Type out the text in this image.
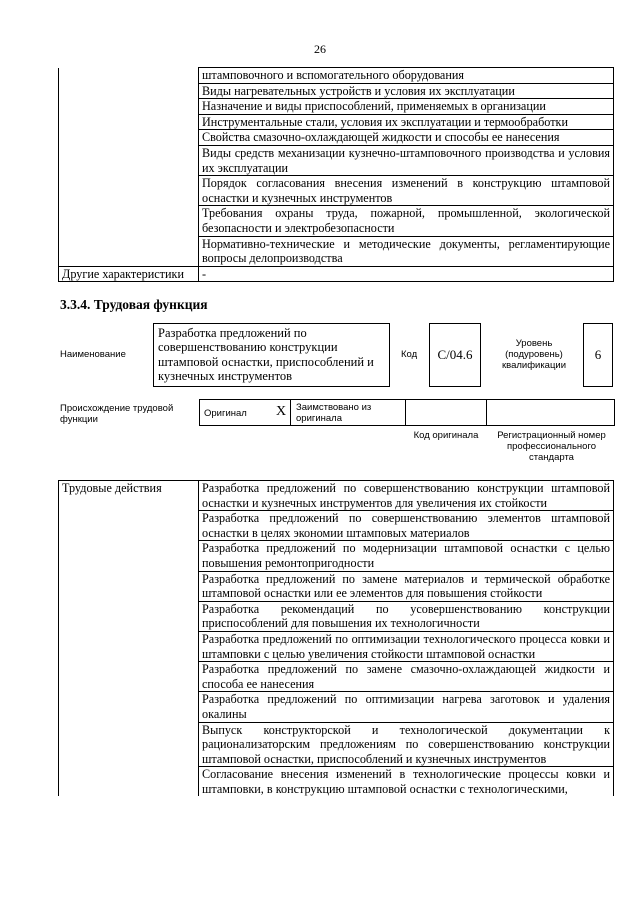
26
	штамповочного и вспомогательного оборудования
	Виды нагревательных устройств и условия их эксплуатации
	Назначение и виды приспособлений, применяемых в организации
	Инструментальные стали, условия их эксплуатации и термообработки
	Свойства смазочно-охлаждающей жидкости и способы ее нанесения
	Виды средств механизации кузнечно-штамповочного производства и условия их эксплуатации
	Порядок согласования внесения изменений в конструкцию штамповой оснастки и кузнечных инструментов
	Требования охраны труда, пожарной, промышленной, экологической безопасности и электробезопасности
	Нормативно-технические и методические документы, регламентирующие вопросы делопроизводства
Другие характеристики	-
3.3.4. Трудовая функция
Наименование
Разработка предложений по совершенствованию конструкции штамповой оснастки, приспособлений и кузнечных инструментов
Код С/04.6
Уровень (подуровень) квалификации
6
Происхождение трудовой функции
Оригинал X Заимствовано из оригинала
Код оригинала	Регистрационный номер профессионального стандарта
Трудовые действия	Разработка предложений по совершенствованию конструкции штамповой оснастки и кузнечных инструментов для увеличения их стойкости
Разработка предложений по совершенствованию элементов штамповой оснастки в целях экономии штамповых материалов
Разработка предложений по модернизации штамповой оснастки с целью повышения ремонтопригодности
Разработка предложений по замене материалов и термической обработке штамповой оснастки или ее элементов для повышения стойкости
Разработка рекомендаций по усовершенствованию конструкции приспособлений для повышения их технологичности
Разработка предложений по оптимизации технологического процесса ковки и штамповки с целью увеличения стойкости штамповой оснастки
Разработка предложений по замене смазочно-охлаждающей жидкости и способа ее нанесения
Разработка предложений по оптимизации нагрева заготовок и удаления окалины
Выпуск конструкторской и технологической документации к рационализаторским предложениям по совершенствованию конструкции штамповой оснастки, приспособлений и кузнечных инструментов
Согласование внесения изменений в технологические процессы ковки и штамповки, в конструкцию штамповой оснастки с технологическими,
